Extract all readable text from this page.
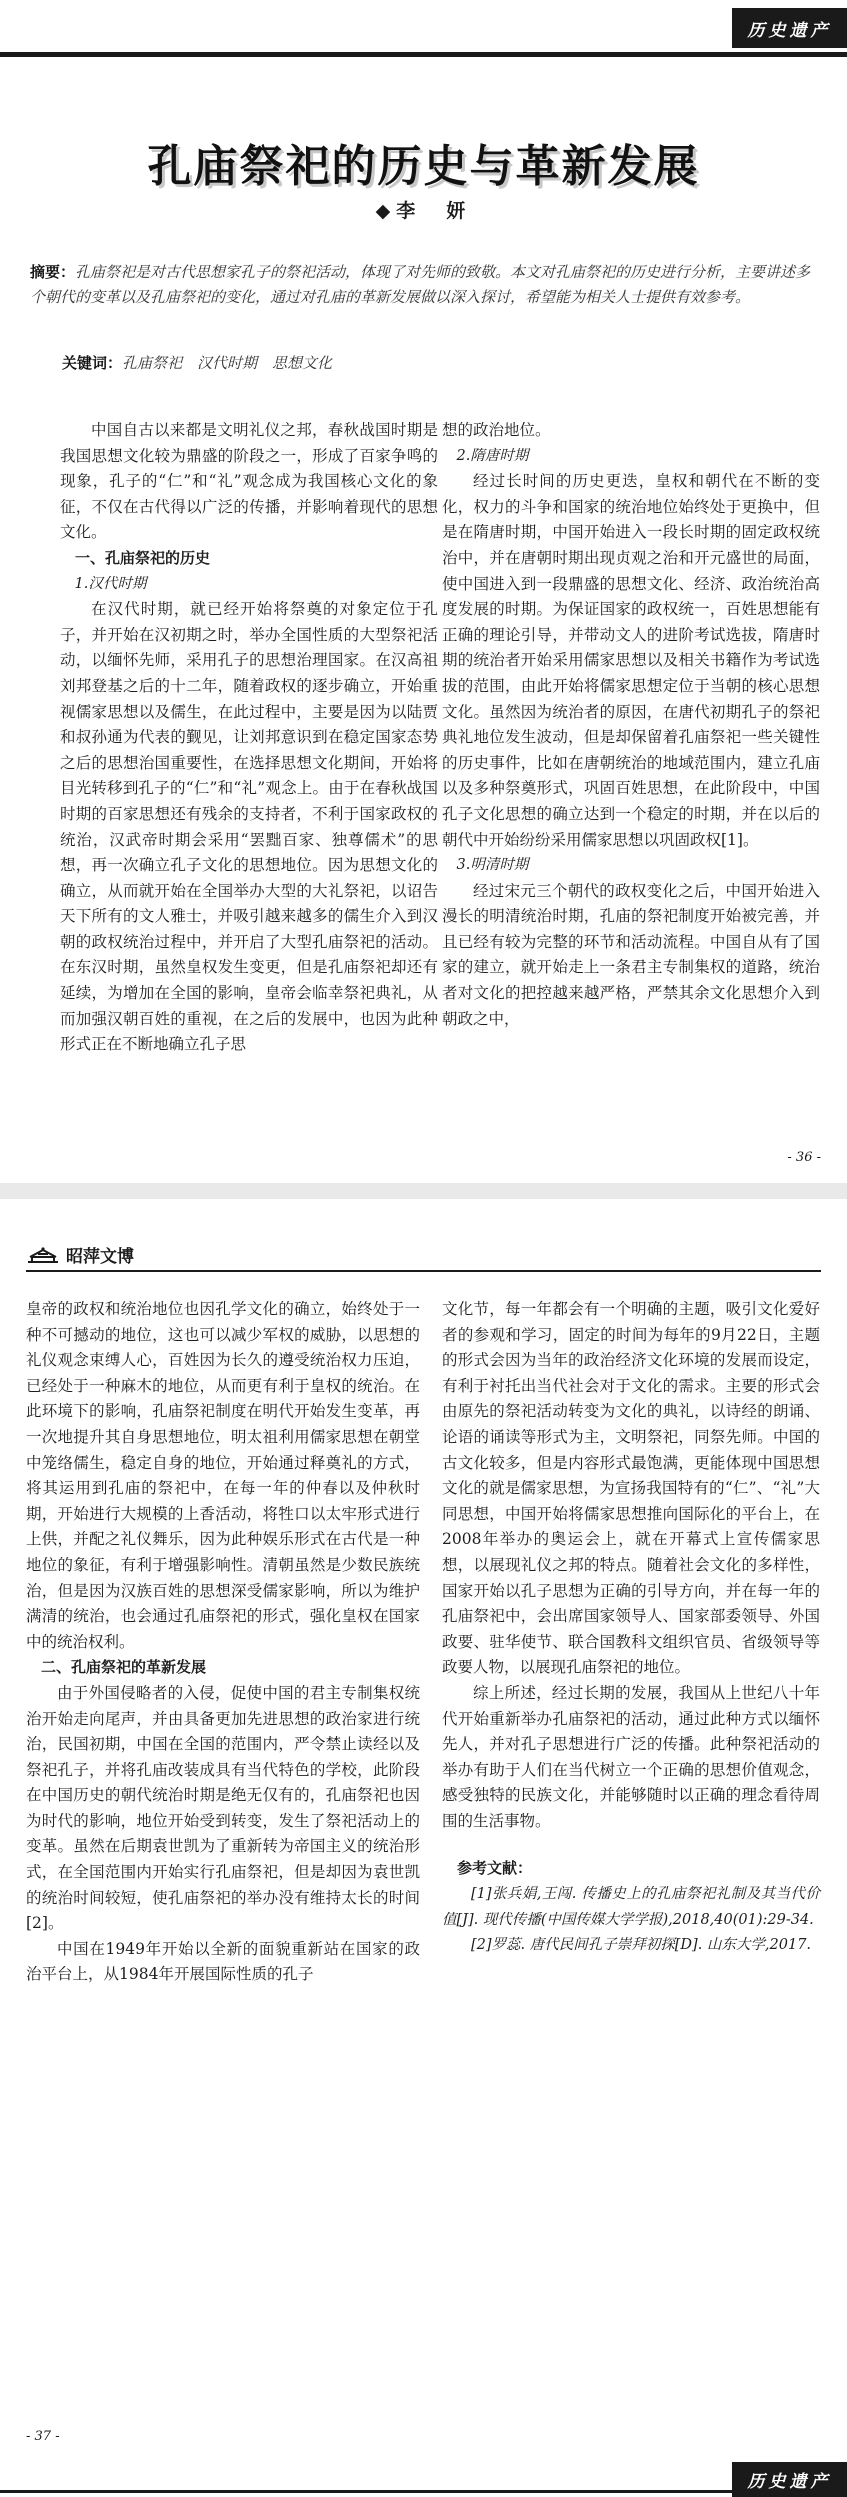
历史遗产
孔庙祭祀的历史与革新发展
◆李　妍
摘要：孔庙祭祀是对古代思想家孔子的祭祀活动，体现了对先师的致敬。本文对孔庙祭祀的历史进行分析，主要讲述多个朝代的变革以及孔庙祭祀的变化，通过对孔庙的革新发展做以深入探讨，希望能为相关人士提供有效参考。
关键词：孔庙祭祀　汉代时期　思想文化

中国自古以来都是文明礼仪之邦，春秋战国时期是我国思想文化较为鼎盛的阶段之一，形成了百家争鸣的现象，孔子的“仁”和“礼”观念成为我国核心文化的象征，不仅在古代得以广泛的传播，并影响着现代的思想文化。

一、孔庙祭祀的历史

1.汉代时期

在汉代时期，就已经开始将祭奠的对象定位于孔子，并开始在汉初期之时，举办全国性质的大型祭祀活动，以缅怀先师，采用孔子的思想治理国家。在汉高祖刘邦登基之后的十二年，随着政权的逐步确立，开始重视儒家思想以及儒生，在此过程中，主要是因为以陆贾和叔孙通为代表的觐见，让刘邦意识到在稳定国家态势之后的思想治国重要性，在选择思想文化期间，开始将目光转移到孔子的“仁”和“礼”观念上。由于在春秋战国时期的百家思想还有残余的支持者，不利于国家政权的统治，汉武帝时期会采用“罢黜百家、独尊儒术”的思想，再一次确立孔子文化的思想地位。因为思想文化的确立，从而就开始在全国举办大型的大礼祭祀，以诏告天下所有的文人雅士，并吸引越来越多的儒生介入到汉朝的政权统治过程中，并开启了大型孔庙祭祀的活动。在东汉时期，虽然皇权发生变更，但是孔庙祭祀却还有延续，为增加在全国的影响，皇帝会临幸祭祀典礼，从而加强汉朝百姓的重视，在之后的发展中，也因为此种形式正在不断地确立孔子思

想的政治地位。

2.隋唐时期

经过长时间的历史更迭，皇权和朝代在不断的变化，权力的斗争和国家的统治地位始终处于更换中，但是在隋唐时期，中国开始进入一段长时期的固定政权统治中，并在唐朝时期出现贞观之治和开元盛世的局面，使中国进入到一段鼎盛的思想文化、经济、政治统治高度发展的时期。为保证国家的政权统一，百姓思想能有正确的理论引导，并带动文人的进阶考试选拔，隋唐时期的统治者开始采用儒家思想以及相关书籍作为考试选拔的范围，由此开始将儒家思想定位于当朝的核心思想文化。虽然因为统治者的原因，在唐代初期孔子的祭祀典礼地位发生波动，但是却保留着孔庙祭祀一些关键性的历史事件，比如在唐朝统治的地域范围内，建立孔庙以及多种祭奠形式，巩固百姓思想，在此阶段中，中国孔子文化思想的确立达到一个稳定的时期，并在以后的朝代中开始纷纷采用儒家思想以巩固政权[1]。

3.明清时期

经过宋元三个朝代的政权变化之后，中国开始进入漫长的明清统治时期，孔庙的祭祀制度开始被完善，并且已经有较为完整的环节和活动流程。中国自从有了国家的建立，就开始走上一条君主专制集权的道路，统治者对文化的把控越来越严格，严禁其余文化思想介入到朝政之中，

- 36 -
昭萍文博

皇帝的政权和统治地位也因孔学文化的确立，始终处于一种不可撼动的地位，这也可以减少军权的威胁，以思想的礼仪观念束缚人心，百姓因为长久的遵受统治权力压迫，已经处于一种麻木的地位，从而更有利于皇权的统治。在此环境下的影响，孔庙祭祀制度在明代开始发生变革，再一次地提升其自身思想地位，明太祖利用儒家思想在朝堂中笼络儒生，稳定自身的地位，开始通过释奠礼的方式，将其运用到孔庙的祭祀中，在每一年的仲春以及仲秋时期，开始进行大规模的上香活动，将牲口以太牢形式进行上供，并配之礼仪舞乐，因为此种娱乐形式在古代是一种地位的象征，有利于增强影响性。清朝虽然是少数民族统治，但是因为汉族百姓的思想深受儒家影响，所以为维护满清的统治，也会通过孔庙祭祀的形式，强化皇权在国家中的统治权利。

二、孔庙祭祀的革新发展

由于外国侵略者的入侵，促使中国的君主专制集权统治开始走向尾声，并由具备更加先进思想的政治家进行统治，民国初期，中国在全国的范围内，严令禁止读经以及祭祀孔子，并将孔庙改装成具有当代特色的学校，此阶段在中国历史的朝代统治时期是绝无仅有的，孔庙祭祀也因为时代的影响，地位开始受到转变，发生了祭祀活动上的变革。虽然在后期袁世凯为了重新转为帝国主义的统治形式，在全国范围内开始实行孔庙祭祀，但是却因为袁世凯的统治时间较短，使孔庙祭祀的举办没有维持太长的时间[2]。

中国在1949年开始以全新的面貌重新站在国家的政治平台上，从1984年开展国际性质的孔子

文化节，每一年都会有一个明确的主题，吸引文化爱好者的参观和学习，固定的时间为每年的9月22日，主题的形式会因为当年的政治经济文化环境的发展而设定，有利于衬托出当代社会对于文化的需求。主要的形式会由原先的祭祀活动转变为文化的典礼，以诗经的朗诵、论语的诵读等形式为主，文明祭祀，同祭先师。中国的古文化较多，但是内容形式最饱满，更能体现中国思想文化的就是儒家思想，为宣扬我国特有的“仁”、“礼”大同思想，中国开始将儒家思想推向国际化的平台上，在2008年举办的奥运会上，就在开幕式上宣传儒家思想，以展现礼仪之邦的特点。随着社会文化的多样性，国家开始以孔子思想为正确的引导方向，并在每一年的孔庙祭祀中，会出席国家领导人、国家部委领导、外国政要、驻华使节、联合国教科文组织官员、省级领导等政要人物，以展现孔庙祭祀的地位。

综上所述，经过长期的发展，我国从上世纪八十年代开始重新举办孔庙祭祀的活动，通过此种方式以缅怀先人，并对孔子思想进行广泛的传播。此种祭祀活动的举办有助于人们在当代树立一个正确的思想价值观念，感受独特的民族文化，并能够随时以正确的理念看待周围的生活事物。

参考文献：

[1]张兵娟,王闯. 传播史上的孔庙祭祀礼制及其当代价值[J]. 现代传播(中国传媒大学学报),2018,40(01):29-34.

[2]罗蕊. 唐代民间孔子崇拜初探[D]. 山东大学,2017.

- 37 -
历史遗产
